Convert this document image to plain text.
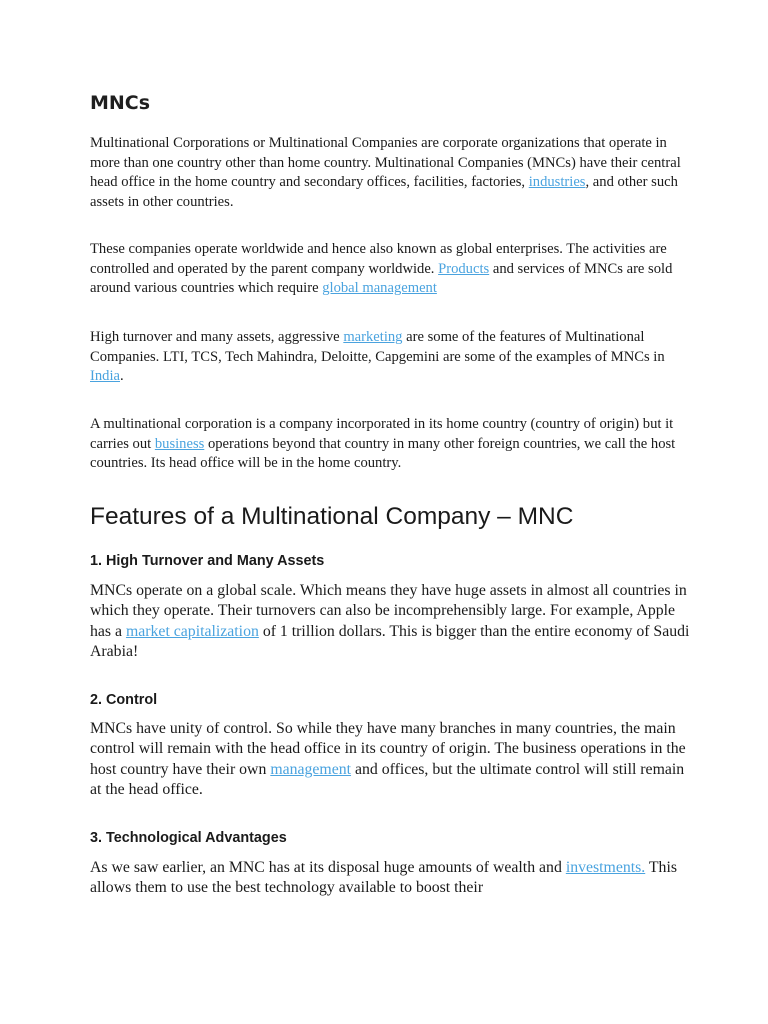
MNCs

Multinational Corporations or Multinational Companies are corporate organizations that operate in more than one country other than home country. Multinational Companies (MNCs) have their central head office in the home country and secondary offices, facilities, factories, industries, and other such assets in other countries.

These companies operate worldwide and hence also known as global enterprises. The activities are controlled and operated by the parent company worldwide. Products and services of MNCs are sold around various countries which require global management

High turnover and many assets, aggressive marketing are some of the features of Multinational Companies. LTI, TCS, Tech Mahindra, Deloitte, Capgemini are some of the examples of MNCs in India.

A multinational corporation is a company incorporated in its home country (country of origin) but it carries out business operations beyond that country in many other foreign countries, we call the host countries. Its head office will be in the home country.

Features of a Multinational Company – MNC
1. High Turnover and Many Assets

MNCs operate on a global scale. Which means they have huge assets in almost all countries in which they operate. Their turnovers can also be incomprehensibly large. For example, Apple has a market capitalization of 1 trillion dollars. This is bigger than the entire economy of Saudi Arabia!

2. Control

MNCs have unity of control. So while they have many branches in many countries, the main control will remain with the head office in its country of origin. The business operations in the host country have their own management and offices, but the ultimate control will still remain at the head office.

3. Technological Advantages

As we saw earlier, an MNC has at its disposal huge amounts of wealth and investments. This allows them to use the best technology available to boost their
